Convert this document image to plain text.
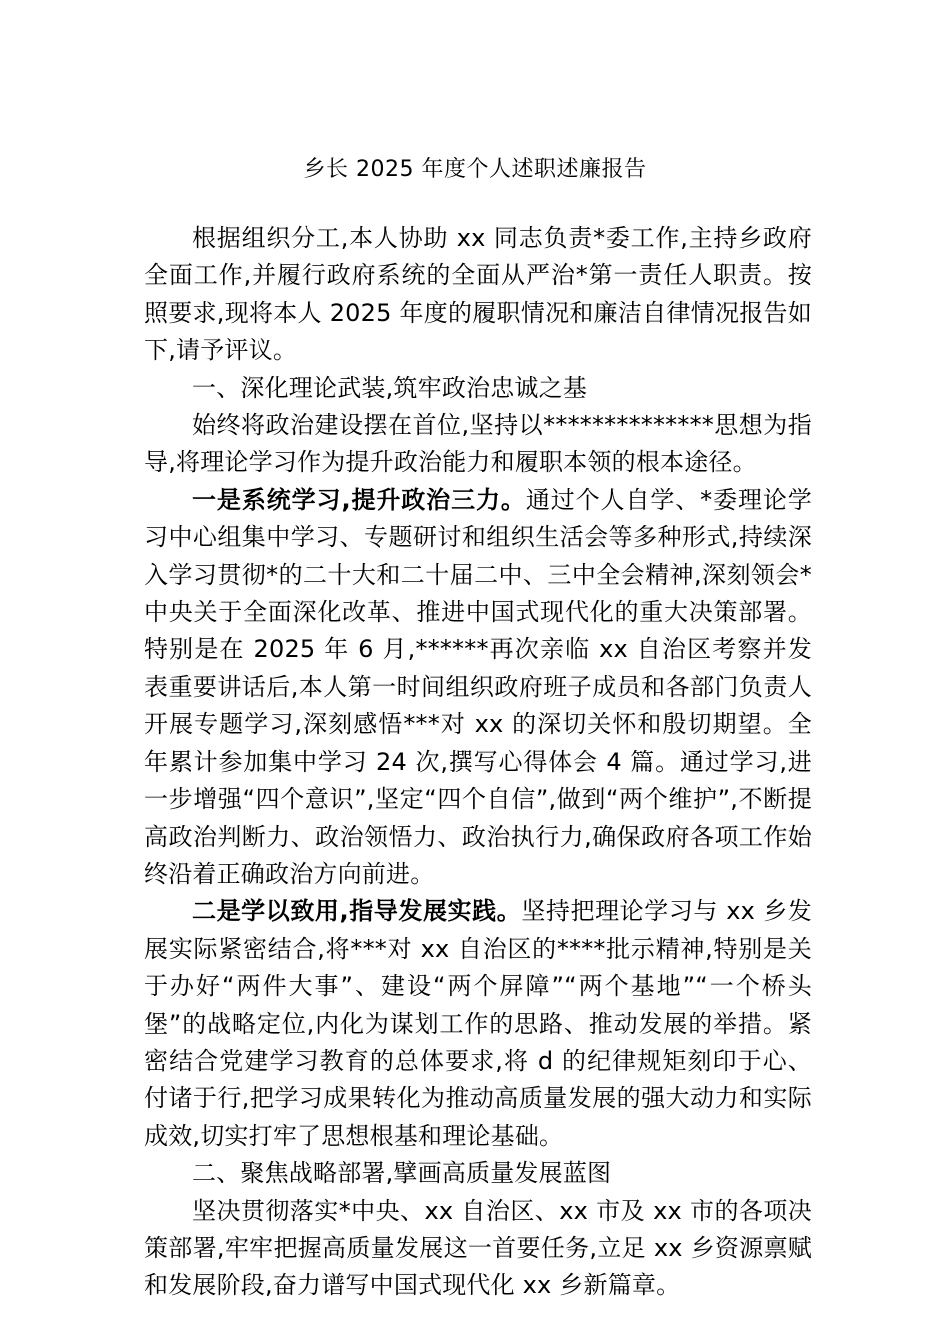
乡长 2025 年度个人述职述廉报告

根据组织分工,本人协助 xx 同志负责*委工作,主持乡政府全面工作,并履行政府系统的全面从严治*第一责任人职责。按照要求,现将本人 2025 年度的履职情况和廉洁自律情况报告如下,请予评议。

一、深化理论武装,筑牢政治忠诚之基

始终将政治建设摆在首位,坚持以**************思想为指导,将理论学习作为提升政治能力和履职本领的根本途径。

一是系统学习,提升政治三力。通过个人自学、*委理论学习中心组集中学习、专题研讨和组织生活会等多种形式,持续深入学习贯彻*的二十大和二十届二中、三中全会精神,深刻领会*中央关于全面深化改革、推进中国式现代化的重大决策部署。特别是在 2025 年 6 月,******再次亲临 xx 自治区考察并发表重要讲话后,本人第一时间组织政府班子成员和各部门负责人开展专题学习,深刻感悟***对 xx 的深切关怀和殷切期望。全年累计参加集中学习 24 次,撰写心得体会 4 篇。通过学习,进一步增强“四个意识”,坚定“四个自信”,做到“两个维护”,不断提高政治判断力、政治领悟力、政治执行力,确保政府各项工作始终沿着正确政治方向前进。

二是学以致用,指导发展实践。坚持把理论学习与 xx 乡发展实际紧密结合,将***对 xx 自治区的****批示精神,特别是关于办好“两件大事”、建设“两个屏障”“两个基地”“一个桥头堡”的战略定位,内化为谋划工作的思路、推动发展的举措。紧密结合党建学习教育的总体要求,将 d 的纪律规矩刻印于心、付诸于行,把学习成果转化为推动高质量发展的强大动力和实际成效,切实打牢了思想根基和理论基础。

二、聚焦战略部署,擘画高质量发展蓝图

坚决贯彻落实*中央、xx 自治区、xx 市及 xx 市的各项决策部署,牢牢把握高质量发展这一首要任务,立足 xx 乡资源禀赋和发展阶段,奋力谱写中国式现代化 xx 乡新篇章。
